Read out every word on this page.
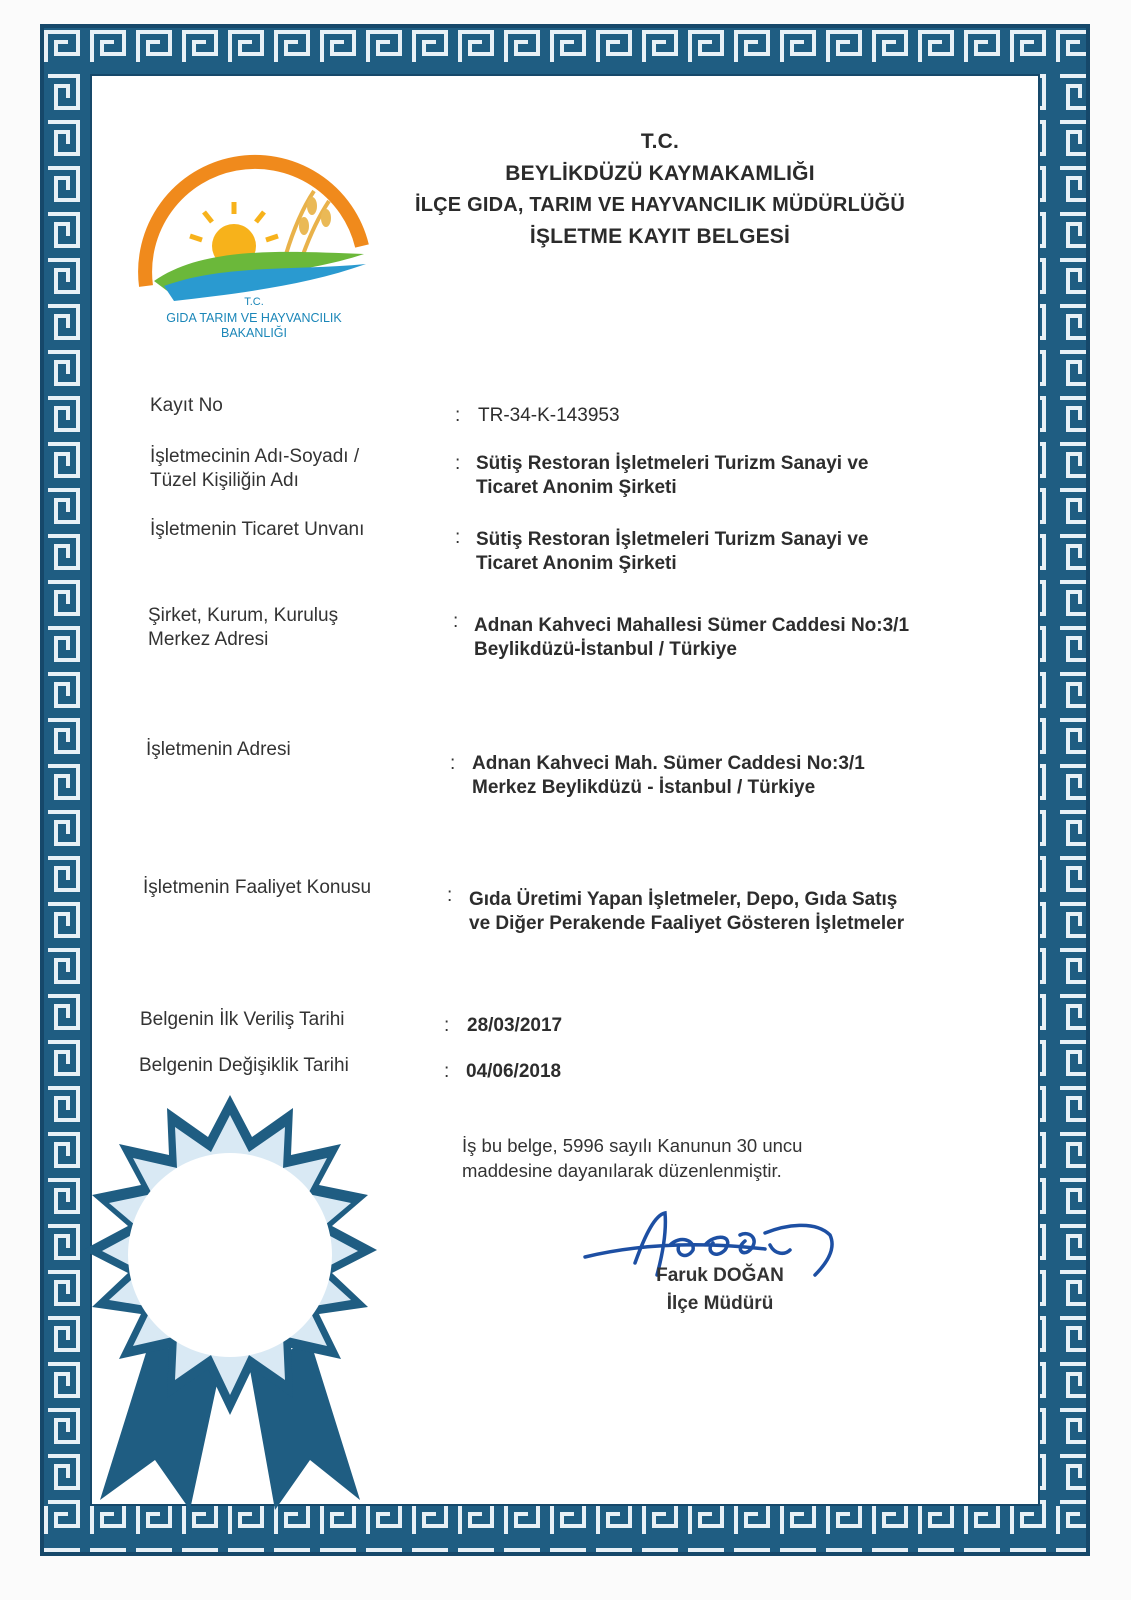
T.C.
GIDA TARIM VE HAYVANCILIK
BAKANLIĞI
T.C.
BEYLİKDÜZÜ KAYMAKAMLIĞI
İLÇE GIDA, TARIM VE HAYVANCILIK MÜDÜRLÜĞÜ
İŞLETME KAYIT BELGESİ
Kayıt No	: TR-34-K-143953
İşletmecinin Adı-Soyadı /
Tüzel Kişiliğin Adı
: Sütiş Restoran İşletmeleri Turizm Sanayi ve
Ticaret Anonim Şirketi
İşletmenin Ticaret Unvanı	: Sütiş Restoran İşletmeleri Turizm Sanayi ve
Ticaret Anonim Şirketi
Şirket, Kurum, Kuruluş
Merkez Adresi
: Adnan Kahveci Mahallesi Sümer Caddesi No:3/1
Beylikdüzü-İstanbul / Türkiye
İşletmenin Adresi
: Adnan Kahveci Mah. Sümer Caddesi No:3/1
Merkez Beylikdüzü - İstanbul / Türkiye
İşletmenin Faaliyet Konusu	: Gıda Üretimi Yapan İşletmeler, Depo, Gıda Satış
ve Diğer Perakende Faaliyet Gösteren İşletmeler
Belgenin İlk Veriliş Tarihi	: 28/03/2017
Belgenin Değişiklik Tarihi	: 04/06/2018
İş bu belge, 5996 sayılı Kanunun 30 uncu
maddesine dayanılarak düzenlenmiştir.
Faruk DOĞAN
İlçe Müdürü
